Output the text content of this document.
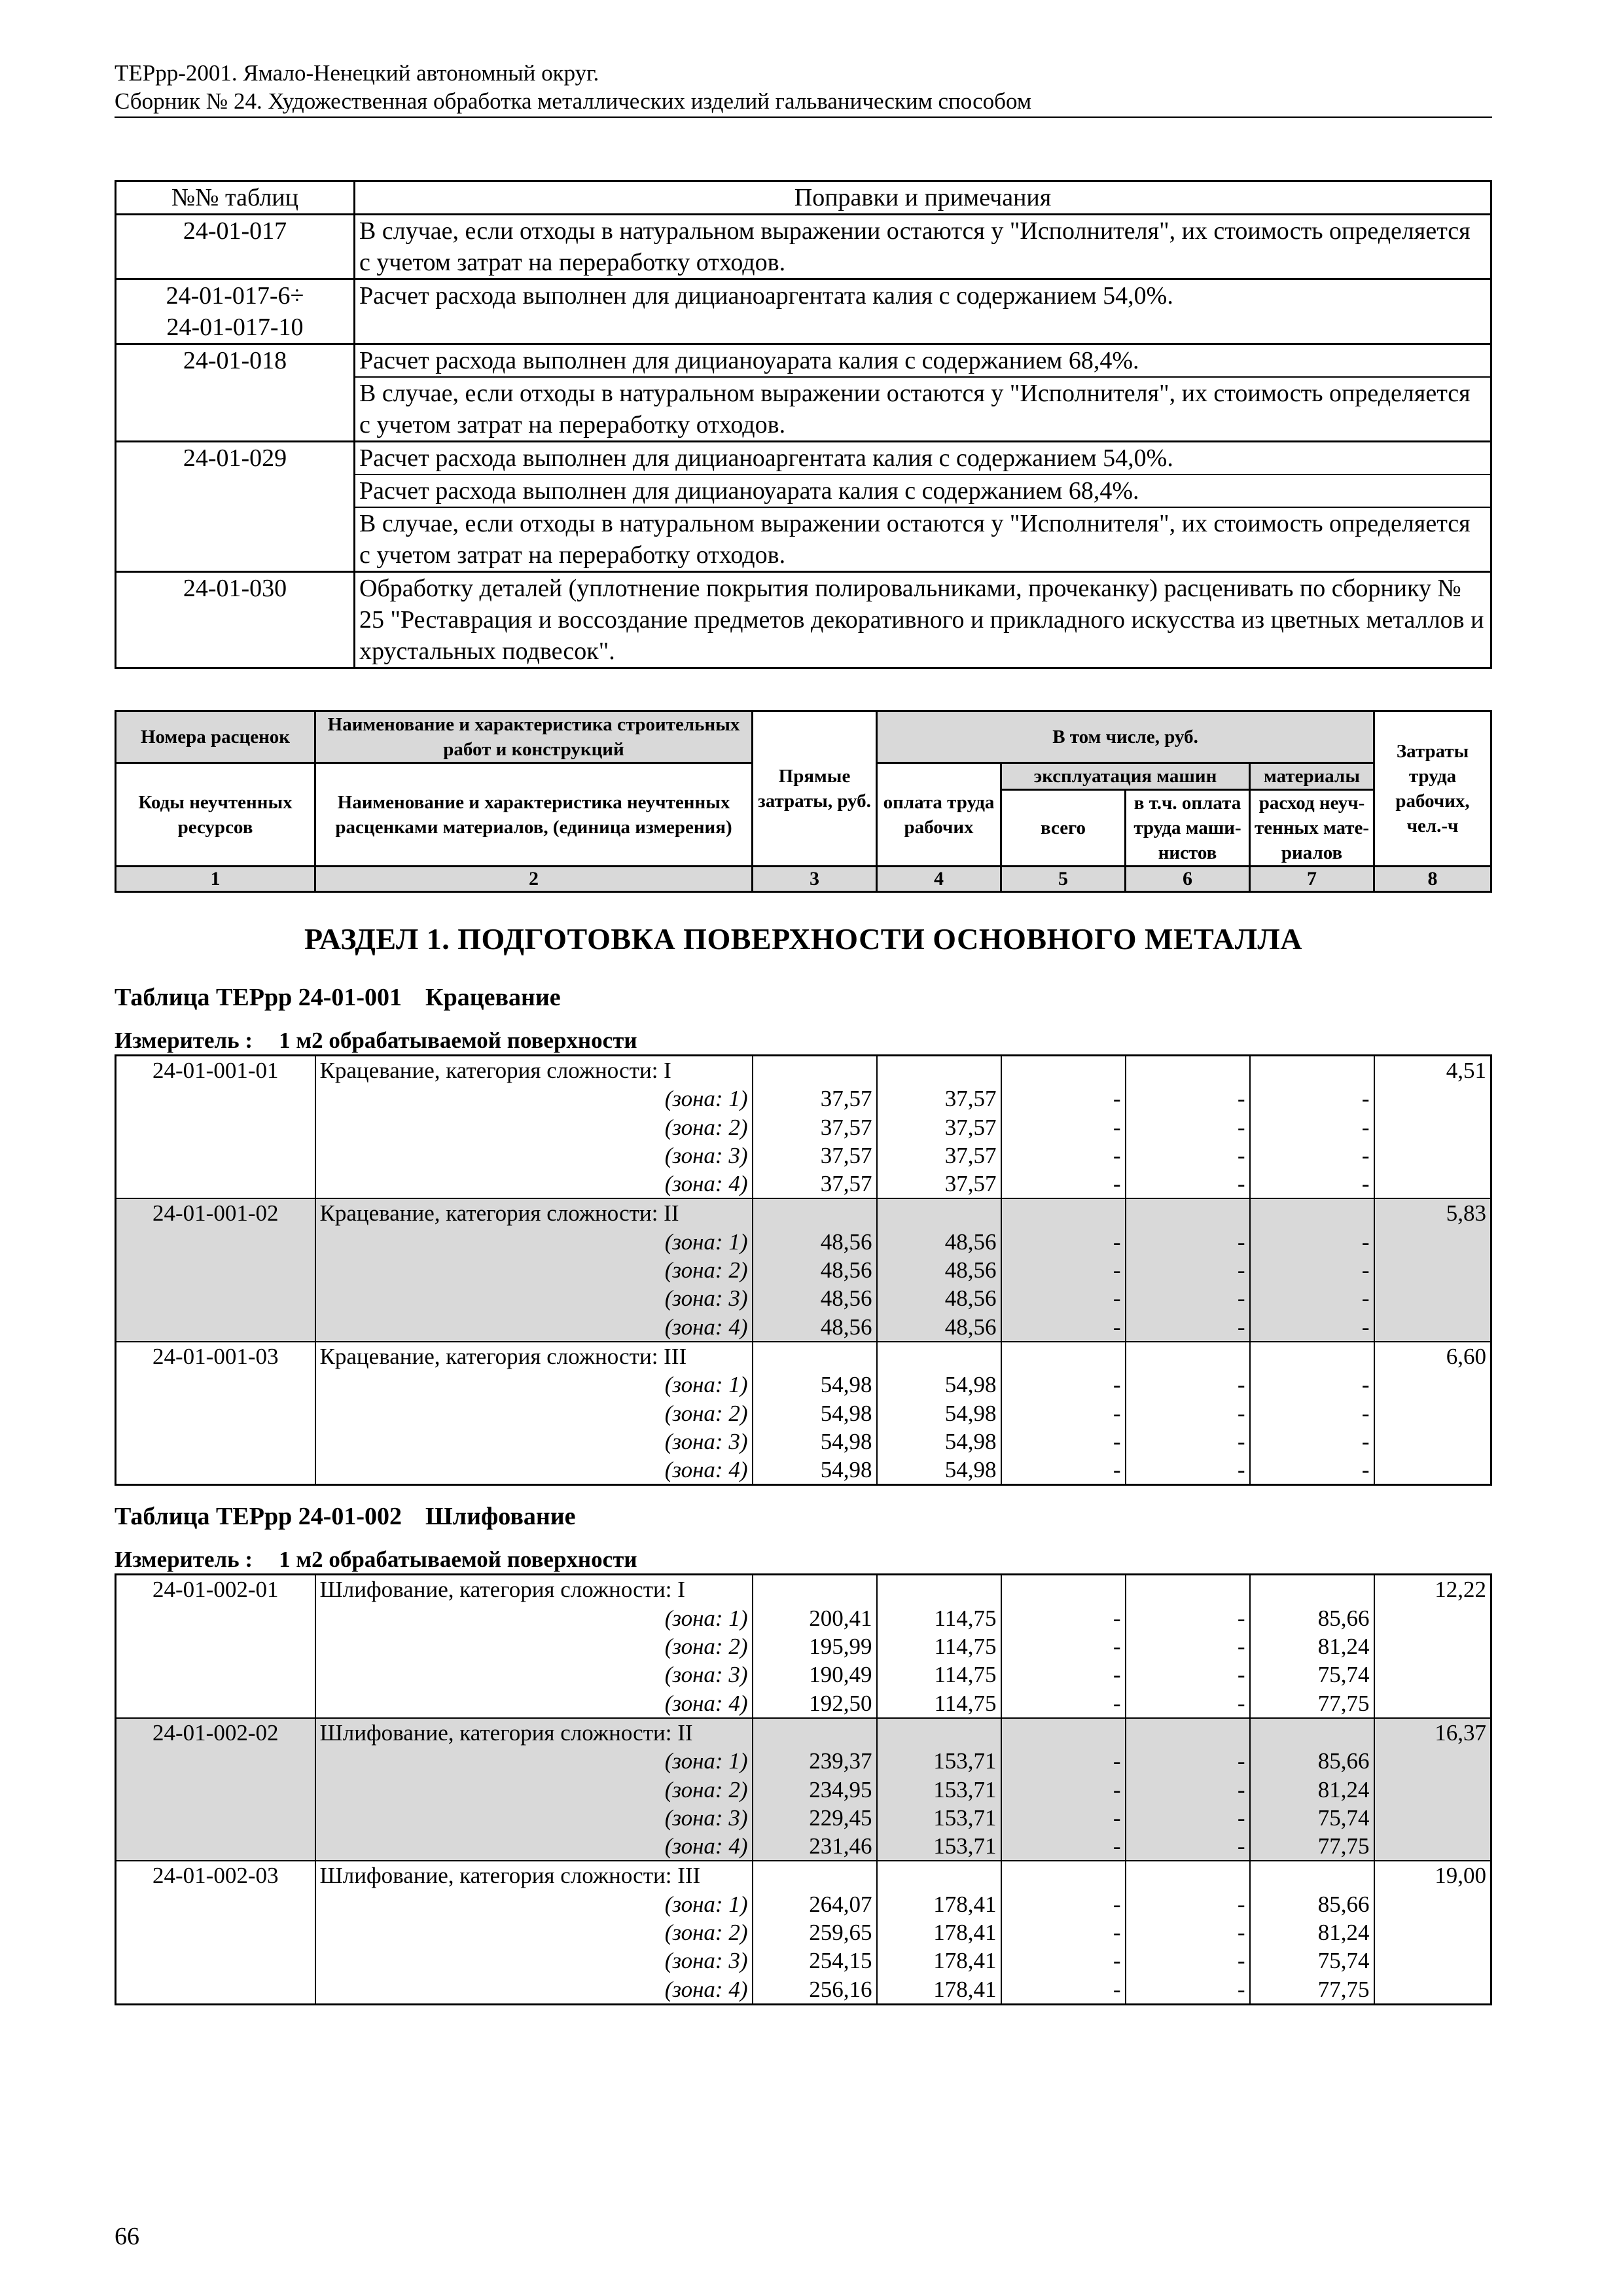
ТЕРрр-2001. Ямало-Ненецкий автономный округ.
Сборник № 24. Художественная обработка металлических изделий гальваническим способом
№№ таблиц	Поправки и примечания

24-01-017	В случае, если отходы в натуральном выражении остаются у "Исполнителя", их стоимость определяется с учетом затрат на переработку отходов.

24-01-017-6÷
24-01-017-10	Расчет расхода выполнен для дицианоаргентата калия с содержанием 54,0%.

24-01-018	Расчет расхода выполнен для дицианоуарата калия с содержанием 68,4%.
В случае, если отходы в натуральном выражении остаются у "Исполнителя", их стоимость определяется с учетом затрат на переработку отходов.

24-01-029	Расчет расхода выполнен для дицианоаргентата калия с содержанием 54,0%.
Расчет расхода выполнен для дицианоуарата калия с содержанием 68,4%.
В случае, если отходы в натуральном выражении остаются у "Исполнителя", их стоимость определяется с учетом затрат на переработку отходов.

24-01-030	Обработку деталей (уплотнение покрытия полировальниками, прочеканку) расценивать по сборнику № 25 "Реставрация и воссоздание предметов декоративного и прикладного искусства из цветных металлов и хрустальных подвесок".
Номера расценок	Наименование и характеристика строительных работ и конструкций	Прямые затраты, руб.	В том числе, руб.				Затраты труда рабочих, чел.-ч
Коды неучтенных ресурсов	Наименование и характеристика неучтенных расценками материалов, (единица измерения)		оплата труда рабочих	эксплуатация машин		материалы	
				всего	в т.ч. оплата труда маши-нистов	расход неуч-тенных мате-риалов	
1	2	3	4	5	6	7	8
РАЗДЕЛ 1. ПОДГОТОВКА ПОВЕРХНОСТИ ОСНОВНОГО МЕТАЛЛА
Таблица ТЕРрр 24-01-001 Крацевание
Измеритель : 1 м2 обрабатываемой поверхности
24-01-001-01	Крацевание, категория сложности: I						4,51
	(зона: 1)	37,57	37,57	-	-	-	
	(зона: 2)	37,57	37,57	-	-	-	
	(зона: 3)	37,57	37,57	-	-	-	
	(зона: 4)	37,57	37,57	-	-	-	
24-01-001-02	Крацевание, категория сложности: II						5,83
	(зона: 1)	48,56	48,56	-	-	-	
	(зона: 2)	48,56	48,56	-	-	-	
	(зона: 3)	48,56	48,56	-	-	-	
	(зона: 4)	48,56	48,56	-	-	-	
24-01-001-03	Крацевание, категория сложности: III						6,60
	(зона: 1)	54,98	54,98	-	-	-	
	(зона: 2)	54,98	54,98	-	-	-	
	(зона: 3)	54,98	54,98	-	-	-	
	(зона: 4)	54,98	54,98	-	-	-	
Таблица ТЕРрр 24-01-002 Шлифование
Измеритель : 1 м2 обрабатываемой поверхности
24-01-002-01	Шлифование, категория сложности: I						12,22
	(зона: 1)	200,41	114,75	-	-	85,66	
	(зона: 2)	195,99	114,75	-	-	81,24	
	(зона: 3)	190,49	114,75	-	-	75,74	
	(зона: 4)	192,50	114,75	-	-	77,75	
24-01-002-02	Шлифование, категория сложности: II						16,37
	(зона: 1)	239,37	153,71	-	-	85,66	
	(зона: 2)	234,95	153,71	-	-	81,24	
	(зона: 3)	229,45	153,71	-	-	75,74	
	(зона: 4)	231,46	153,71	-	-	77,75	
24-01-002-03	Шлифование, категория сложности: III						19,00
	(зона: 1)	264,07	178,41	-	-	85,66	
	(зона: 2)	259,65	178,41	-	-	81,24	
	(зона: 3)	254,15	178,41	-	-	75,74	
	(зона: 4)	256,16	178,41	-	-	77,75	
66
